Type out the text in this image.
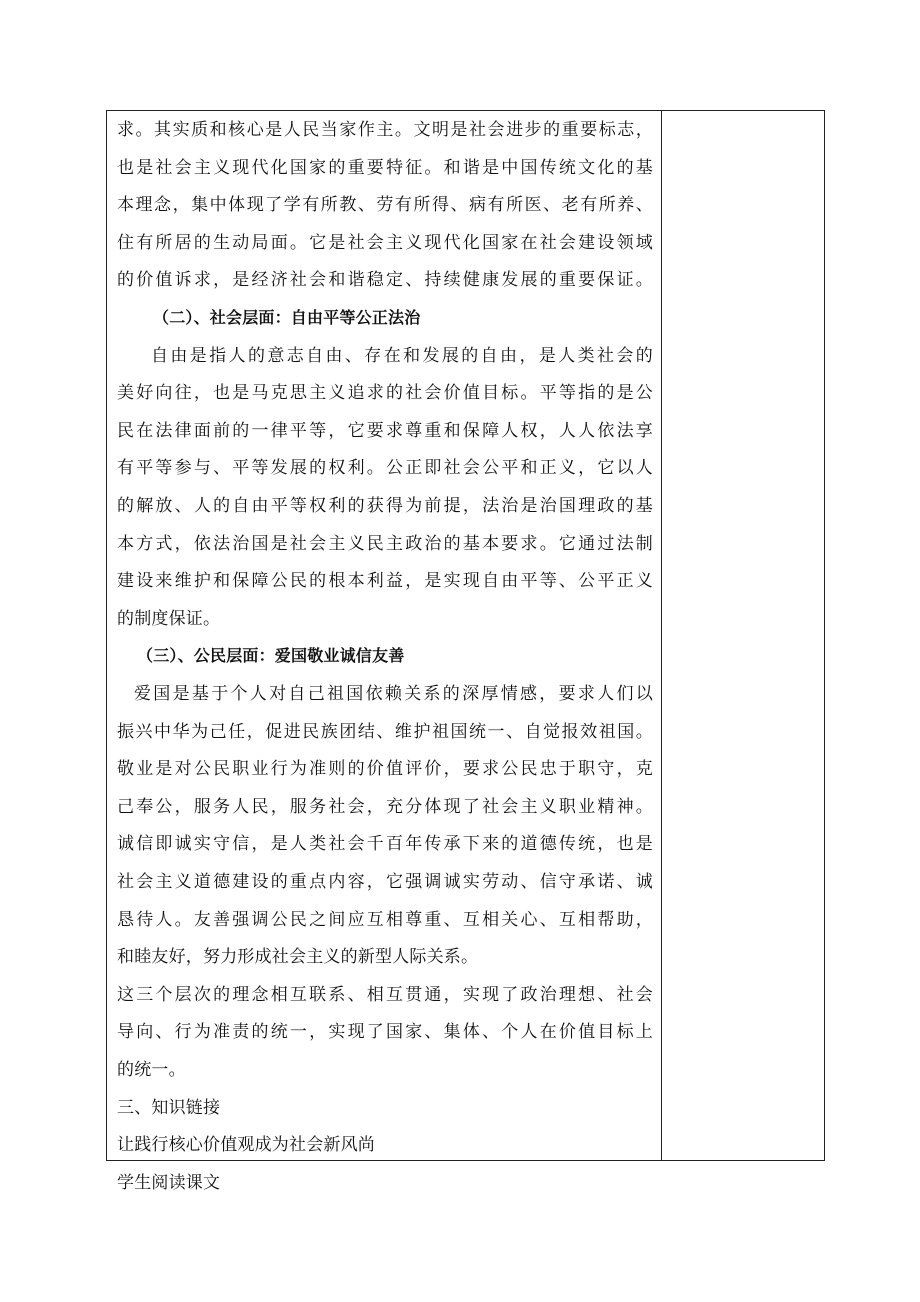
求。其实质和核心是人民当家作主。文明是社会进步的重要标志，
也是社会主义现代化国家的重要特征。和谐是中国传统文化的基
本理念，集中体现了学有所教、劳有所得、病有所医、老有所养、
住有所居的生动局面。它是社会主义现代化国家在社会建设领域
的价值诉求，是经济社会和谐稳定、持续健康发展的重要保证。
（二）、社会层面：自由平等公正法治
自由是指人的意志自由、存在和发展的自由，是人类社会的
美好向往，也是马克思主义追求的社会价值目标。平等指的是公
民在法律面前的一律平等，它要求尊重和保障人权，人人依法享
有平等参与、平等发展的权利。公正即社会公平和正义，它以人
的解放、人的自由平等权利的获得为前提，法治是治国理政的基
本方式，依法治国是社会主义民主政治的基本要求。它通过法制
建设来维护和保障公民的根本利益，是实现自由平等、公平正义
的制度保证。
（三）、公民层面：爱国敬业诚信友善
爱国是基于个人对自己祖国依赖关系的深厚情感，要求人们以
振兴中华为己任，促进民族团结、维护祖国统一、自觉报效祖国。
敬业是对公民职业行为准则的价值评价，要求公民忠于职守，克
己奉公，服务人民，服务社会，充分体现了社会主义职业精神。
诚信即诚实守信，是人类社会千百年传承下来的道德传统，也是
社会主义道德建设的重点内容，它强调诚实劳动、信守承诺、诚
恳待人。友善强调公民之间应互相尊重、互相关心、互相帮助，
和睦友好，努力形成社会主义的新型人际关系。
这三个层次的理念相互联系、相互贯通，实现了政治理想、社会
导向、行为准责的统一，实现了国家、集体、个人在价值目标上
的统一。
三、知识链接
让践行核心价值观成为社会新风尚
学生阅读课文
